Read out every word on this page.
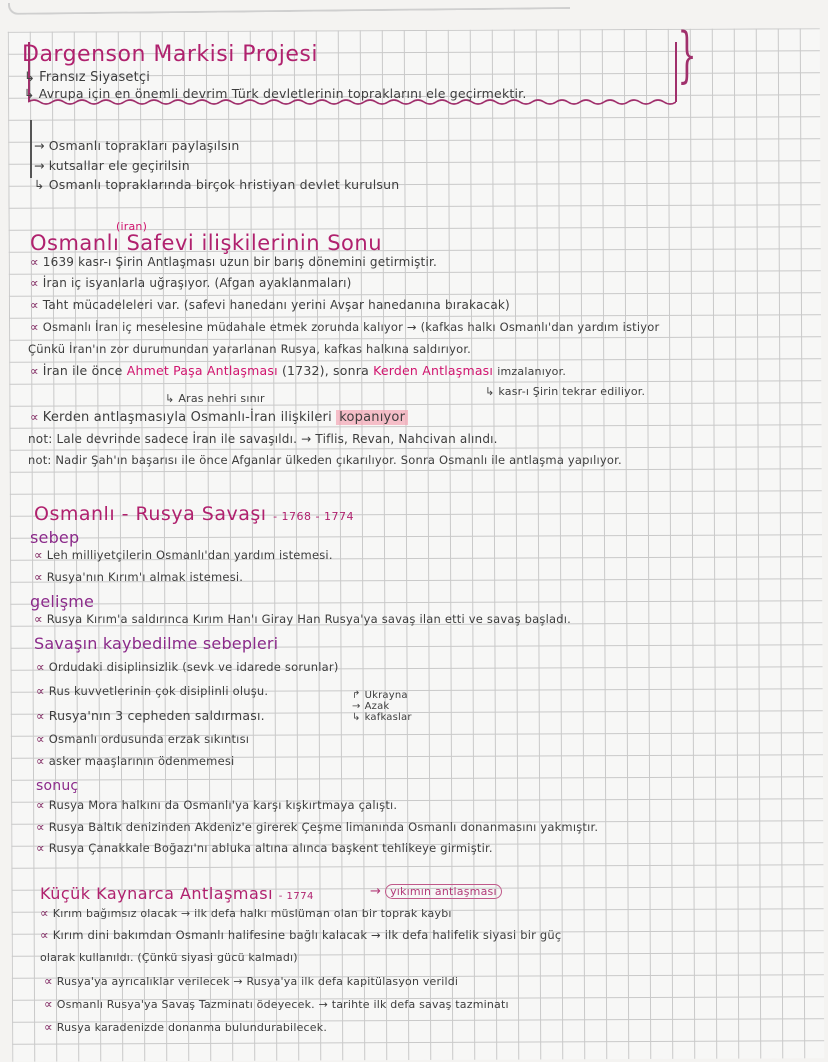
}
Dargenson Markisi Projesi
↳ Fransız Siyasetçi
↳ Avrupa için en önemli devrim Türk devletlerinin topraklarını ele geçirmektir.
→ Osmanlı toprakları paylaşılsın
→ kutsallar ele geçirilsin
↳ Osmanlı topraklarında birçok hristiyan devlet kurulsun
(iran)
Osmanlı Safevi ilişkilerinin Sonu
∝ 1639 kasr-ı Şirin Antlaşması uzun bir barış dönemini getirmiştir.
∝ İran iç isyanlarla uğraşıyor. (Afgan ayaklanmaları)
∝ Taht mücadeleleri var. (safevi hanedanı yerini Avşar hanedanına bırakacak)
∝ Osmanlı İran iç meselesine müdahale etmek zorunda kalıyor → (kafkas halkı Osmanlı'dan yardım istiyor
Çünkü İran'ın zor durumundan yararlanan Rusya, kafkas halkına saldırıyor.
∝ İran ile önce Ahmet Paşa Antlaşması (1732), sonra Kerden Antlaşması imzalanıyor.
↳ Aras nehri sınır
↳ kasr-ı Şirin tekrar ediliyor.
∝ Kerden antlaşmasıyla Osmanlı-İran ilişkileri kopanıyor
not: Lale devrinde sadece İran ile savaşıldı. → Tiflis, Revan, Nahcivan alındı.
not: Nadir Şah'ın başarısı ile önce Afganlar ülkeden çıkarılıyor. Sonra Osmanlı ile antlaşma yapılıyor.
Osmanlı - Rusya Savaşı - 1768 - 1774
sebep
∝ Leh milliyetçilerin Osmanlı'dan yardım istemesi.
∝ Rusya'nın Kırım'ı almak istemesi.
gelişme
∝ Rusya Kırım'a saldırınca Kırım Han'ı Giray Han Rusya'ya savaş ilan etti ve savaş başladı.
Savaşın kaybedilme sebepleri
∝ Ordudaki disiplinsizlik (sevk ve idarede sorunlar)
∝ Rus kuvvetlerinin çok disiplinli oluşu.
∝ Rusya'nın 3 cepheden saldırması.
∝ Osmanlı ordusunda erzak sıkıntısı
∝ asker maaşlarının ödenmemesi
↱ Ukrayna
→ Azak
↳ kafkaslar
sonuç
∝ Rusya Mora halkını da Osmanlı'ya karşı kışkırtmaya çalıştı.
∝ Rusya Baltık denizinden Akdeniz'e girerek Çeşme limanında Osmanlı donanmasını yakmıştır.
∝ Rusya Çanakkale Boğazı'nı abluka altına alınca başkent tehlikeye girmiştir.
Küçük Kaynarca Antlaşması - 1774	→ yıkımın antlaşması
∝ Kırım bağımsız olacak → ilk defa halkı müslüman olan bir toprak kaybı
∝ Kırım dini bakımdan Osmanlı halifesine bağlı kalacak → ilk defa halifelik siyasi bir güç
olarak kullanıldı. (Çünkü siyasi gücü kalmadı)
∝ Rusya'ya ayrıcalıklar verilecek → Rusya'ya ilk defa kapitülasyon verildi
∝ Osmanlı Rusya'ya Savaş Tazminatı ödeyecek. → tarihte ilk defa savaş tazminatı
∝ Rusya karadenizde donanma bulundurabilecek.
